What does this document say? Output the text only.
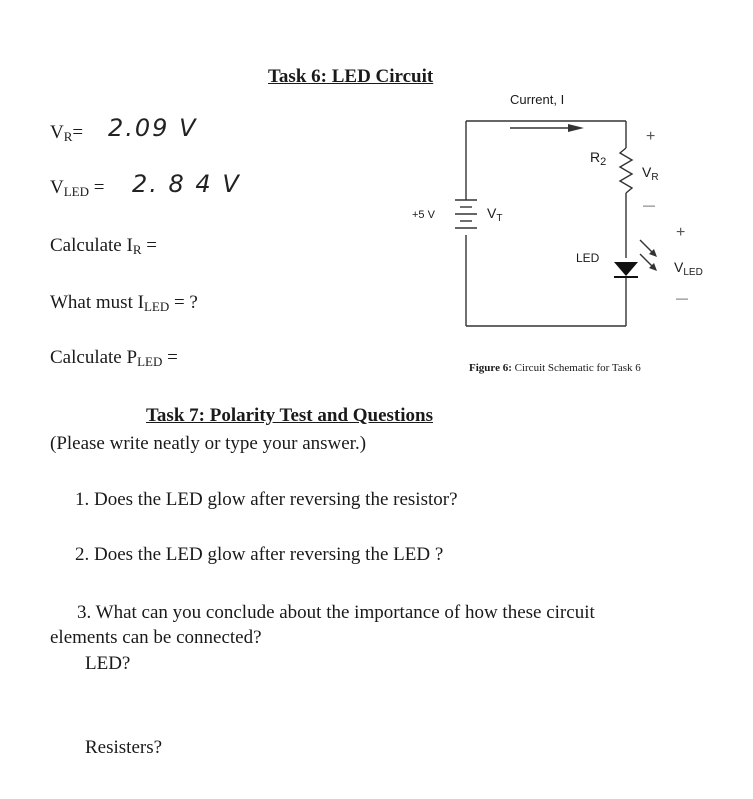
Task 6: LED Circuit
$V_R= 2.09$ V
$V_{LED} = 2$. 8 4 V
Calculate $I_R$ =
What must $I_{LED}$ = ?
Calculate $P_{LED}$ =
Current, I
+5 V	$V_T$
$R_2$
+
$V_R$
—
LED
+
$V_{LED}$
—
Figure 6: Circuit Schematic for Task 6
Task 7: Polarity Test and Questions
(Please write neatly or type your answer.)
1. Does the LED glow after reversing the resistor?
2. Does the LED glow after reversing the LED ?
3. What can you conclude about the importance of how these circuit
elements can be connected?
LED?
Resisters?
